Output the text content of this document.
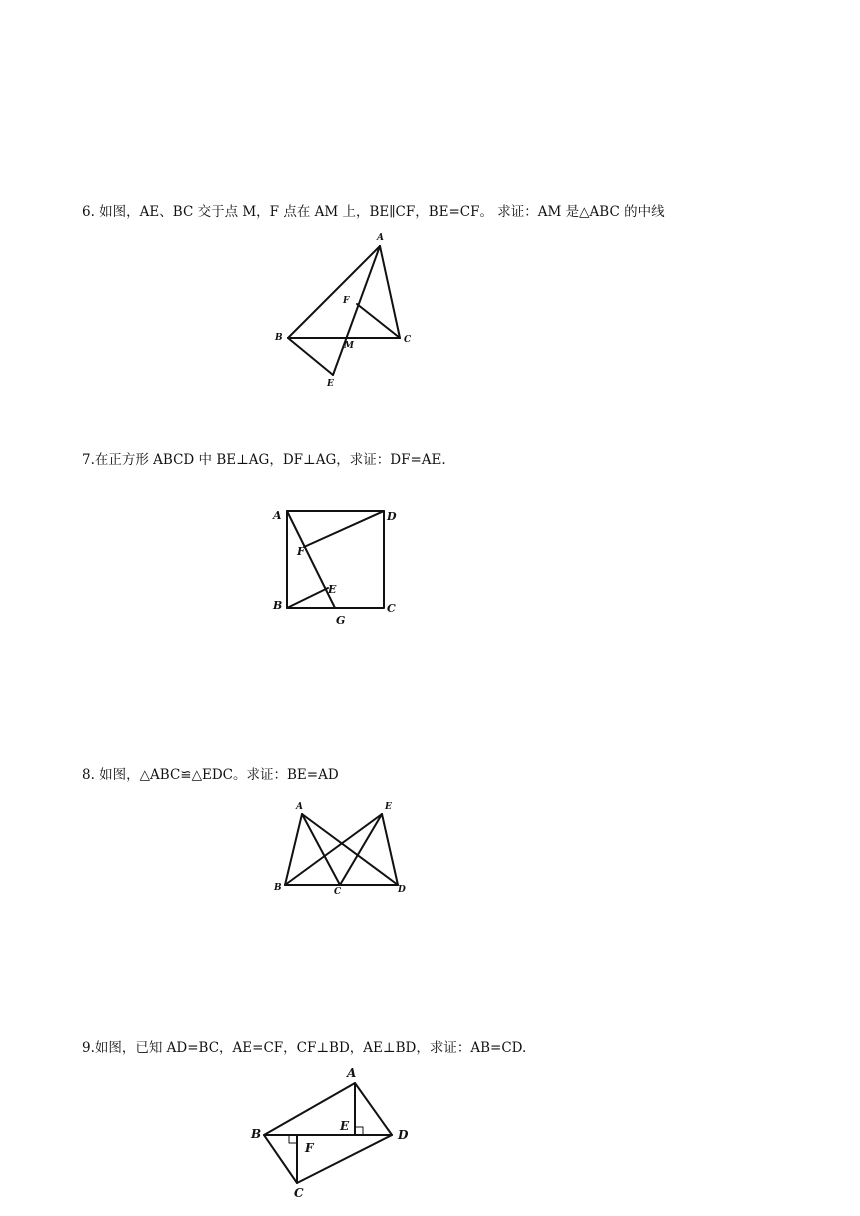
6. 如图，AE、BC 交于点 M，F 点在 AM 上，BE∥CF，BE=CF。 求证：AM 是△ABC 的中线
A
B	C
E
F
M
7.在正方形 ABCD 中 BE⊥AG，DF⊥AG，求证：DF=AE.
A
B	C
D
E
F
G
8. 如图，△ABC≌△EDC。求证：BE=AD
A
B	C	D
E
9.如图，已知 AD=BC，AE=CF，CF⊥BD，AE⊥BD，求证：AB=CD.
A
B
C
D
E
F
